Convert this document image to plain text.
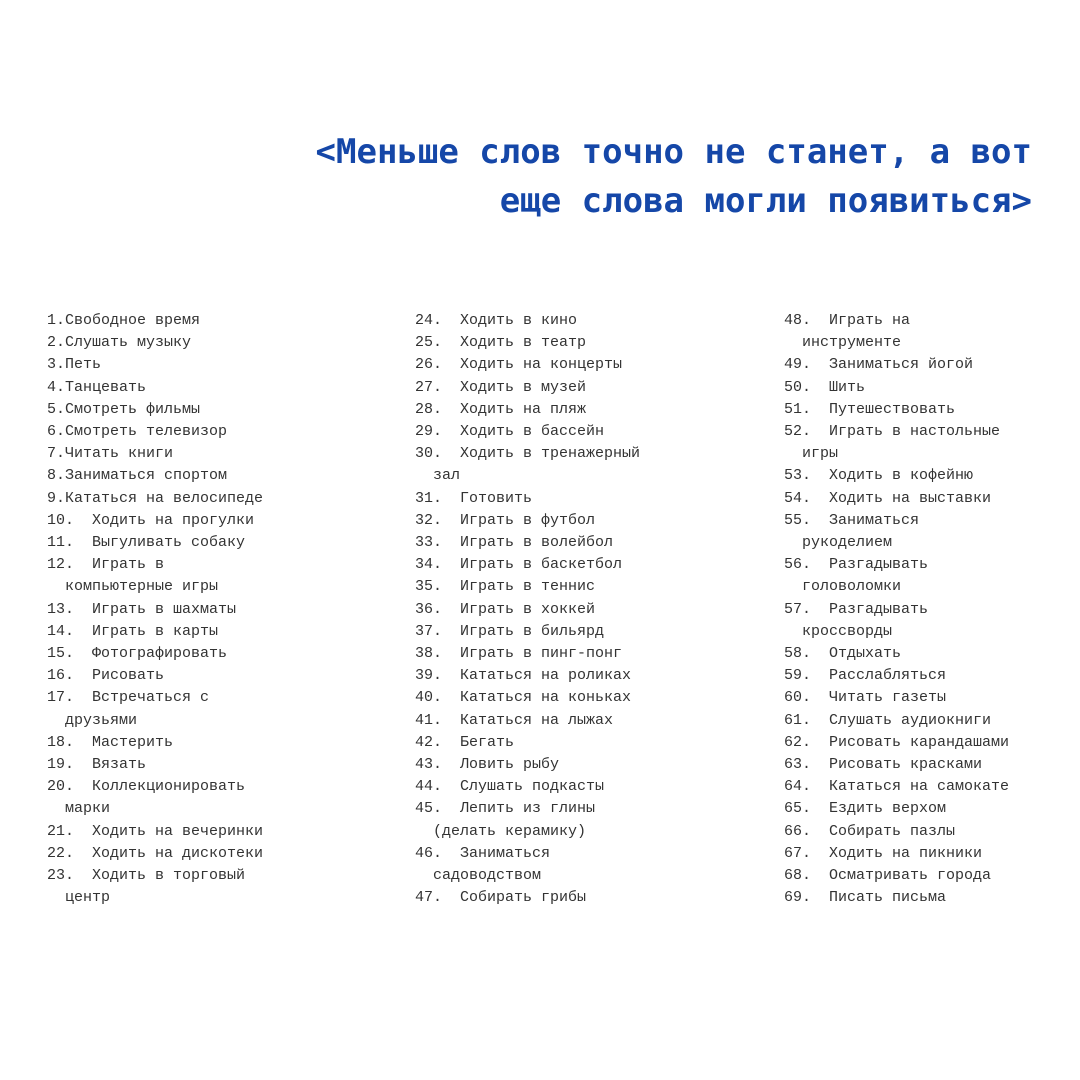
<Меньше слов точно не станет, а вот
еще слова могли появиться>
1.Свободное время
2.Слушать музыку
3.Петь
4.Танцевать
5.Смотреть фильмы
6.Смотреть телевизор
7.Читать книги
8.Заниматься спортом
9.Кататься на велосипеде
10.  Ходить на прогулки
11.  Выгуливать собаку
12.  Играть в
компьютерные игры
13.  Играть в шахматы
14.  Играть в карты
15.  Фотографировать
16.  Рисовать
17.  Встречаться с
друзьями
18.  Мастерить
19.  Вязать
20.  Коллекционировать
марки
21.  Ходить на вечеринки
22.  Ходить на дискотеки
23.  Ходить в торговый
центр
24.  Ходить в кино
25.  Ходить в театр
26.  Ходить на концерты
27.  Ходить в музей
28.  Ходить на пляж
29.  Ходить в бассейн
30.  Ходить в тренажерный
зал
31.  Готовить
32.  Играть в футбол
33.  Играть в волейбол
34.  Играть в баскетбол
35.  Играть в теннис
36.  Играть в хоккей
37.  Играть в бильярд
38.  Играть в пинг-понг
39.  Кататься на роликах
40.  Кататься на коньках
41.  Кататься на лыжах
42.  Бегать
43.  Ловить рыбу
44.  Слушать подкасты
45.  Лепить из глины
(делать керамику)
46.  Заниматься
садоводством
47.  Собирать грибы
48.  Играть на
инструменте
49.  Заниматься йогой
50.  Шить
51.  Путешествовать
52.  Играть в настольные
игры
53.  Ходить в кофейню
54.  Ходить на выставки
55.  Заниматься
рукоделием
56.  Разгадывать
головоломки
57.  Разгадывать
кроссворды
58.  Отдыхать
59.  Расслабляться
60.  Читать газеты
61.  Слушать аудиокниги
62.  Рисовать карандашами
63.  Рисовать красками
64.  Кататься на самокате
65.  Ездить верхом
66.  Собирать пазлы
67.  Ходить на пикники
68.  Осматривать города
69.  Писать письма
